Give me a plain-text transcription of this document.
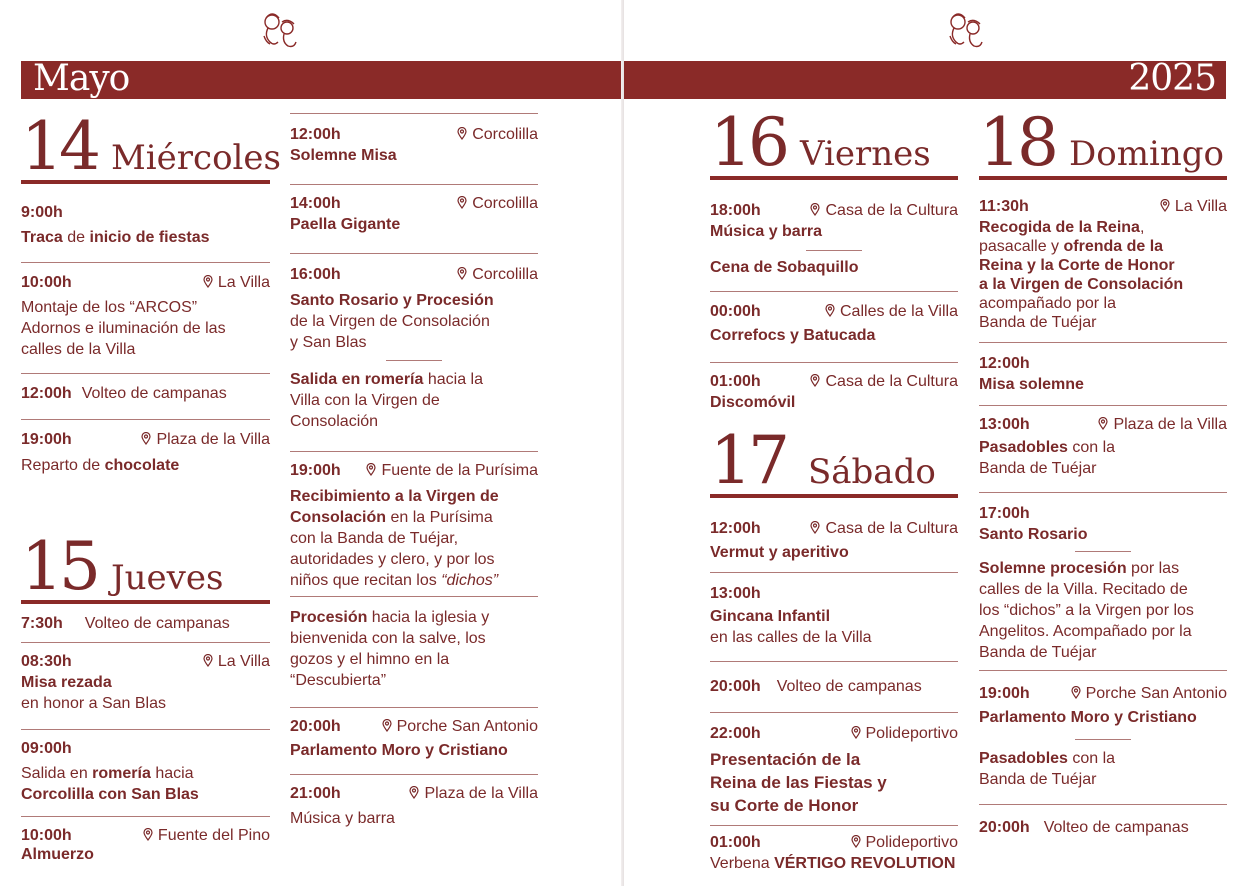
Mayo
14 Miércoles
9:00h
Traca de inicio de fiestas
10:00h	La Villa
Montaje de los “ARCOS”
Adornos e iluminación de las
calles de la Villa
12:00h Volteo de campanas
19:00h	Plaza de la Villa
Reparto de chocolate
15 Jueves
7:30h Volteo de campanas
08:30h	La Villa
Misa rezada
en honor a San Blas
09:00h
Salida en romería hacia
Corcolilla con San Blas
10:00h	Fuente del Pino
Almuerzo
12:00h	Corcolilla
Solemne Misa
14:00h	Corcolilla
Paella Gigante
16:00h	Corcolilla
Santo Rosario y Procesión
de la Virgen de Consolación
y San Blas
Salida en romería hacia la
Villa con la Virgen de
Consolación
19:00h	Fuente de la Purísima
Recibimiento a la Virgen de
Consolación en la Purísima
con la Banda de Tuéjar,
autoridades y clero, y por los
niños que recitan los “dichos”
Procesión hacia la iglesia y
bienvenida con la salve, los
gozos y el himno en la
“Descubierta”
20:00h	Porche San Antonio
Parlamento Moro y Cristiano
21:00h	Plaza de la Villa
Música y barra
2025
16 Viernes
18:00h	Casa de la Cultura
Música y barra
Cena de Sobaquillo
00:00h	Calles de la Villa
Correfocs y Batucada
01:00h	Casa de la Cultura
Discomóvil
17 Sábado
12:00h	Casa de la Cultura
Vermut y aperitivo
13:00h
Gincana Infantil
en las calles de la Villa
20:00h Volteo de campanas
22:00h	Polideportivo
Presentación de la
Reina de las Fiestas y
su Corte de Honor
01:00h	Polideportivo
Verbena VÉRTIGO REVOLUTION
18 Domingo
11:30h	La Villa
Recogida de la Reina,
pasacalle y ofrenda de la
Reina y la Corte de Honor
a la Virgen de Consolación
acompañado por la
Banda de Tuéjar
12:00h
Misa solemne
13:00h	Plaza de la Villa
Pasadobles con la
Banda de Tuéjar
17:00h
Santo Rosario
Solemne procesión por las
calles de la Villa. Recitado de
los “dichos” a la Virgen por los
Angelitos. Acompañado por la
Banda de Tuéjar
19:00h	Porche San Antonio
Parlamento Moro y Cristiano
Pasadobles con la
Banda de Tuéjar
20:00h Volteo de campanas
